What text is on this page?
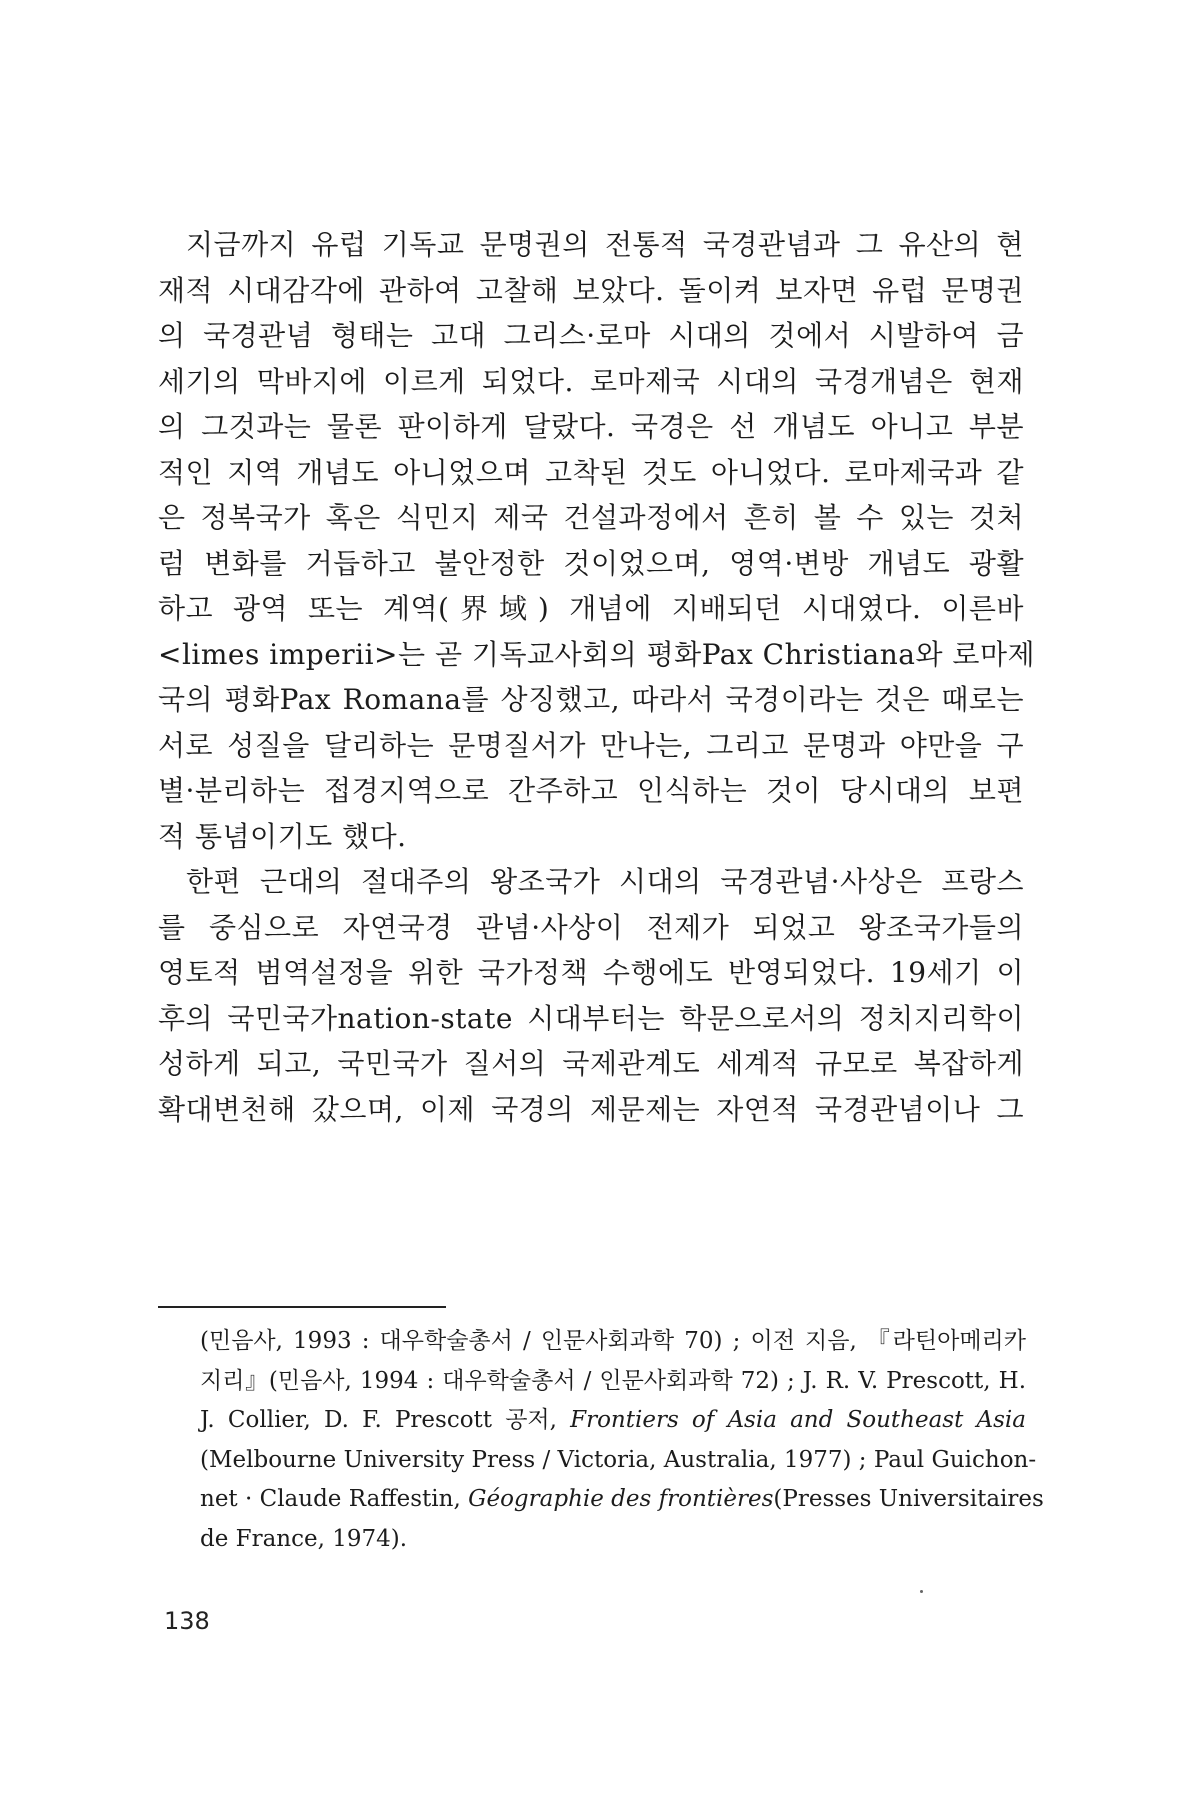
지금까지 유럽 기독교 문명권의 전통적 국경관념과 그 유산의 현
재적 시대감각에 관하여 고찰해 보았다. 돌이켜 보자면 유럽 문명권
의 국경관념 형태는 고대 그리스·로마 시대의 것에서 시발하여 금
세기의 막바지에 이르게 되었다. 로마제국 시대의 국경개념은 현재
의 그것과는 물론 판이하게 달랐다. 국경은 선 개념도 아니고 부분
적인 지역 개념도 아니었으며 고착된 것도 아니었다. 로마제국과 같
은 정복국가 혹은 식민지 제국 건설과정에서 흔히 볼 수 있는 것처
럼 변화를 거듭하고 불안정한 것이었으며, 영역·변방 개념도 광활
하고 광역 또는 계역(界域) 개념에 지배되던 시대였다. 이른바
<limes imperii>는 곧 기독교사회의 평화Pax Christiana와 로마제
국의 평화Pax Romana를 상징했고, 따라서 국경이라는 것은 때로는
서로 성질을 달리하는 문명질서가 만나는, 그리고 문명과 야만을 구
별·분리하는 접경지역으로 간주하고 인식하는 것이 당시대의 보편
적 통념이기도 했다.
한편 근대의 절대주의 왕조국가 시대의 국경관념·사상은 프랑스
를 중심으로 자연국경 관념·사상이 전제가 되었고 왕조국가들의
영토적 범역설정을 위한 국가정책 수행에도 반영되었다. 19세기 이
후의 국민국가nation-state 시대부터는 학문으로서의 정치지리학이
성하게 되고, 국민국가 질서의 국제관계도 세계적 규모로 복잡하게
확대변천해 갔으며, 이제 국경의 제문제는 자연적 국경관념이나 그
(민음사, 1993 : 대우학술총서 / 인문사회과학 70) ; 이전 지음, 『라틴아메리카
지리』(민음사, 1994 : 대우학술총서 / 인문사회과학 72) ; J. R. V. Prescott, H.
J. Collier, D. F. Prescott 공저, Frontiers of Asia and Southeast Asia
(Melbourne University Press / Victoria, Australia, 1977) ; Paul Guichon-
net · Claude Raffestin, Géographie des frontières(Presses Universitaires
de France, 1974).
138
